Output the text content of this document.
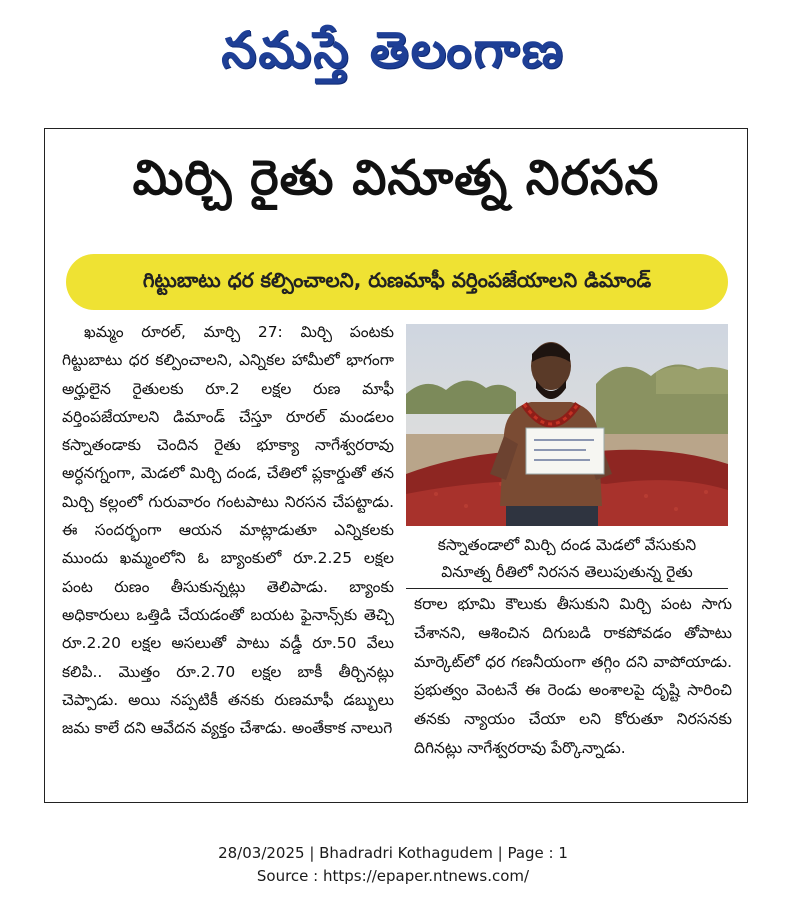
నమస్తే తెలంగాణ
మిర్చి రైతు వినూత్న నిరసన
గిట్టుబాటు ధర కల్పించాలని, రుణమాఫీ వర్తింపజేయాలని డిమాండ్

ఖమ్మం రూరల్, మార్చి 27: మిర్చి పంటకు గిట్టుబాటు ధర కల్పించాలని, ఎన్నికల హామీలో భాగంగా అర్హులైన రైతులకు రూ.2 లక్షల రుణ మాఫీ వర్తింపజేయాలని డిమాండ్ చేస్తూ రూరల్ మండలం కస్నాతండాకు చెందిన రైతు భూక్యా నాగేశ్వరరావు అర్ధనగ్నంగా, మెడలో మిర్చి దండ, చేతిలో ప్లకార్డుతో తన మిర్చి కల్లంలో గురువారం గంటపాటు నిరసన చేపట్టాడు. ఈ సందర్భంగా ఆయన మాట్లాడుతూ ఎన్నికలకు ముందు ఖమ్మంలోని ఓ బ్యాంకులో రూ.2.25 లక్షల పంట రుణం తీసుకున్నట్లు తెలిపాడు. బ్యాంకు అధికారులు ఒత్తిడి చేయడంతో బయట ఫైనాన్స్‌కు తెచ్చి రూ.2.20 లక్షల అసలుతో పాటు వడ్డీ రూ.50 వేలు కలిపి.. మొత్తం రూ.2.70 లక్షల బాకీ తీర్చినట్లు చెప్పాడు. అయి నప్పటికీ తనకు రుణమాఫీ డబ్బులు జమ కాలే దని ఆవేదన వ్యక్తం చేశాడు. అంతేకాక నాలుగె

కస్నాతండాలో మిర్చి దండ మెడలో వేసుకుని
వినూత్న రీతిలో నిరసన తెలుపుతున్న రైతు

కరాల భూమి కౌలుకు తీసుకుని మిర్చి పంట సాగు చేశానని, ఆశించిన దిగుబడి రాకపోవడం తోపాటు మార్కెట్‌లో ధర గణనీయంగా తగ్గిం దని వాపోయాడు. ప్రభుత్వం వెంటనే ఈ రెండు అంశాలపై దృష్టి సారించి తనకు న్యాయం చేయా లని కోరుతూ నిరసనకు దిగినట్లు నాగేశ్వరరావు పేర్కొన్నాడు.

28/03/2025 | Bhadradri Kothagudem | Page : 1
Source : https://epaper.ntnews.com/
